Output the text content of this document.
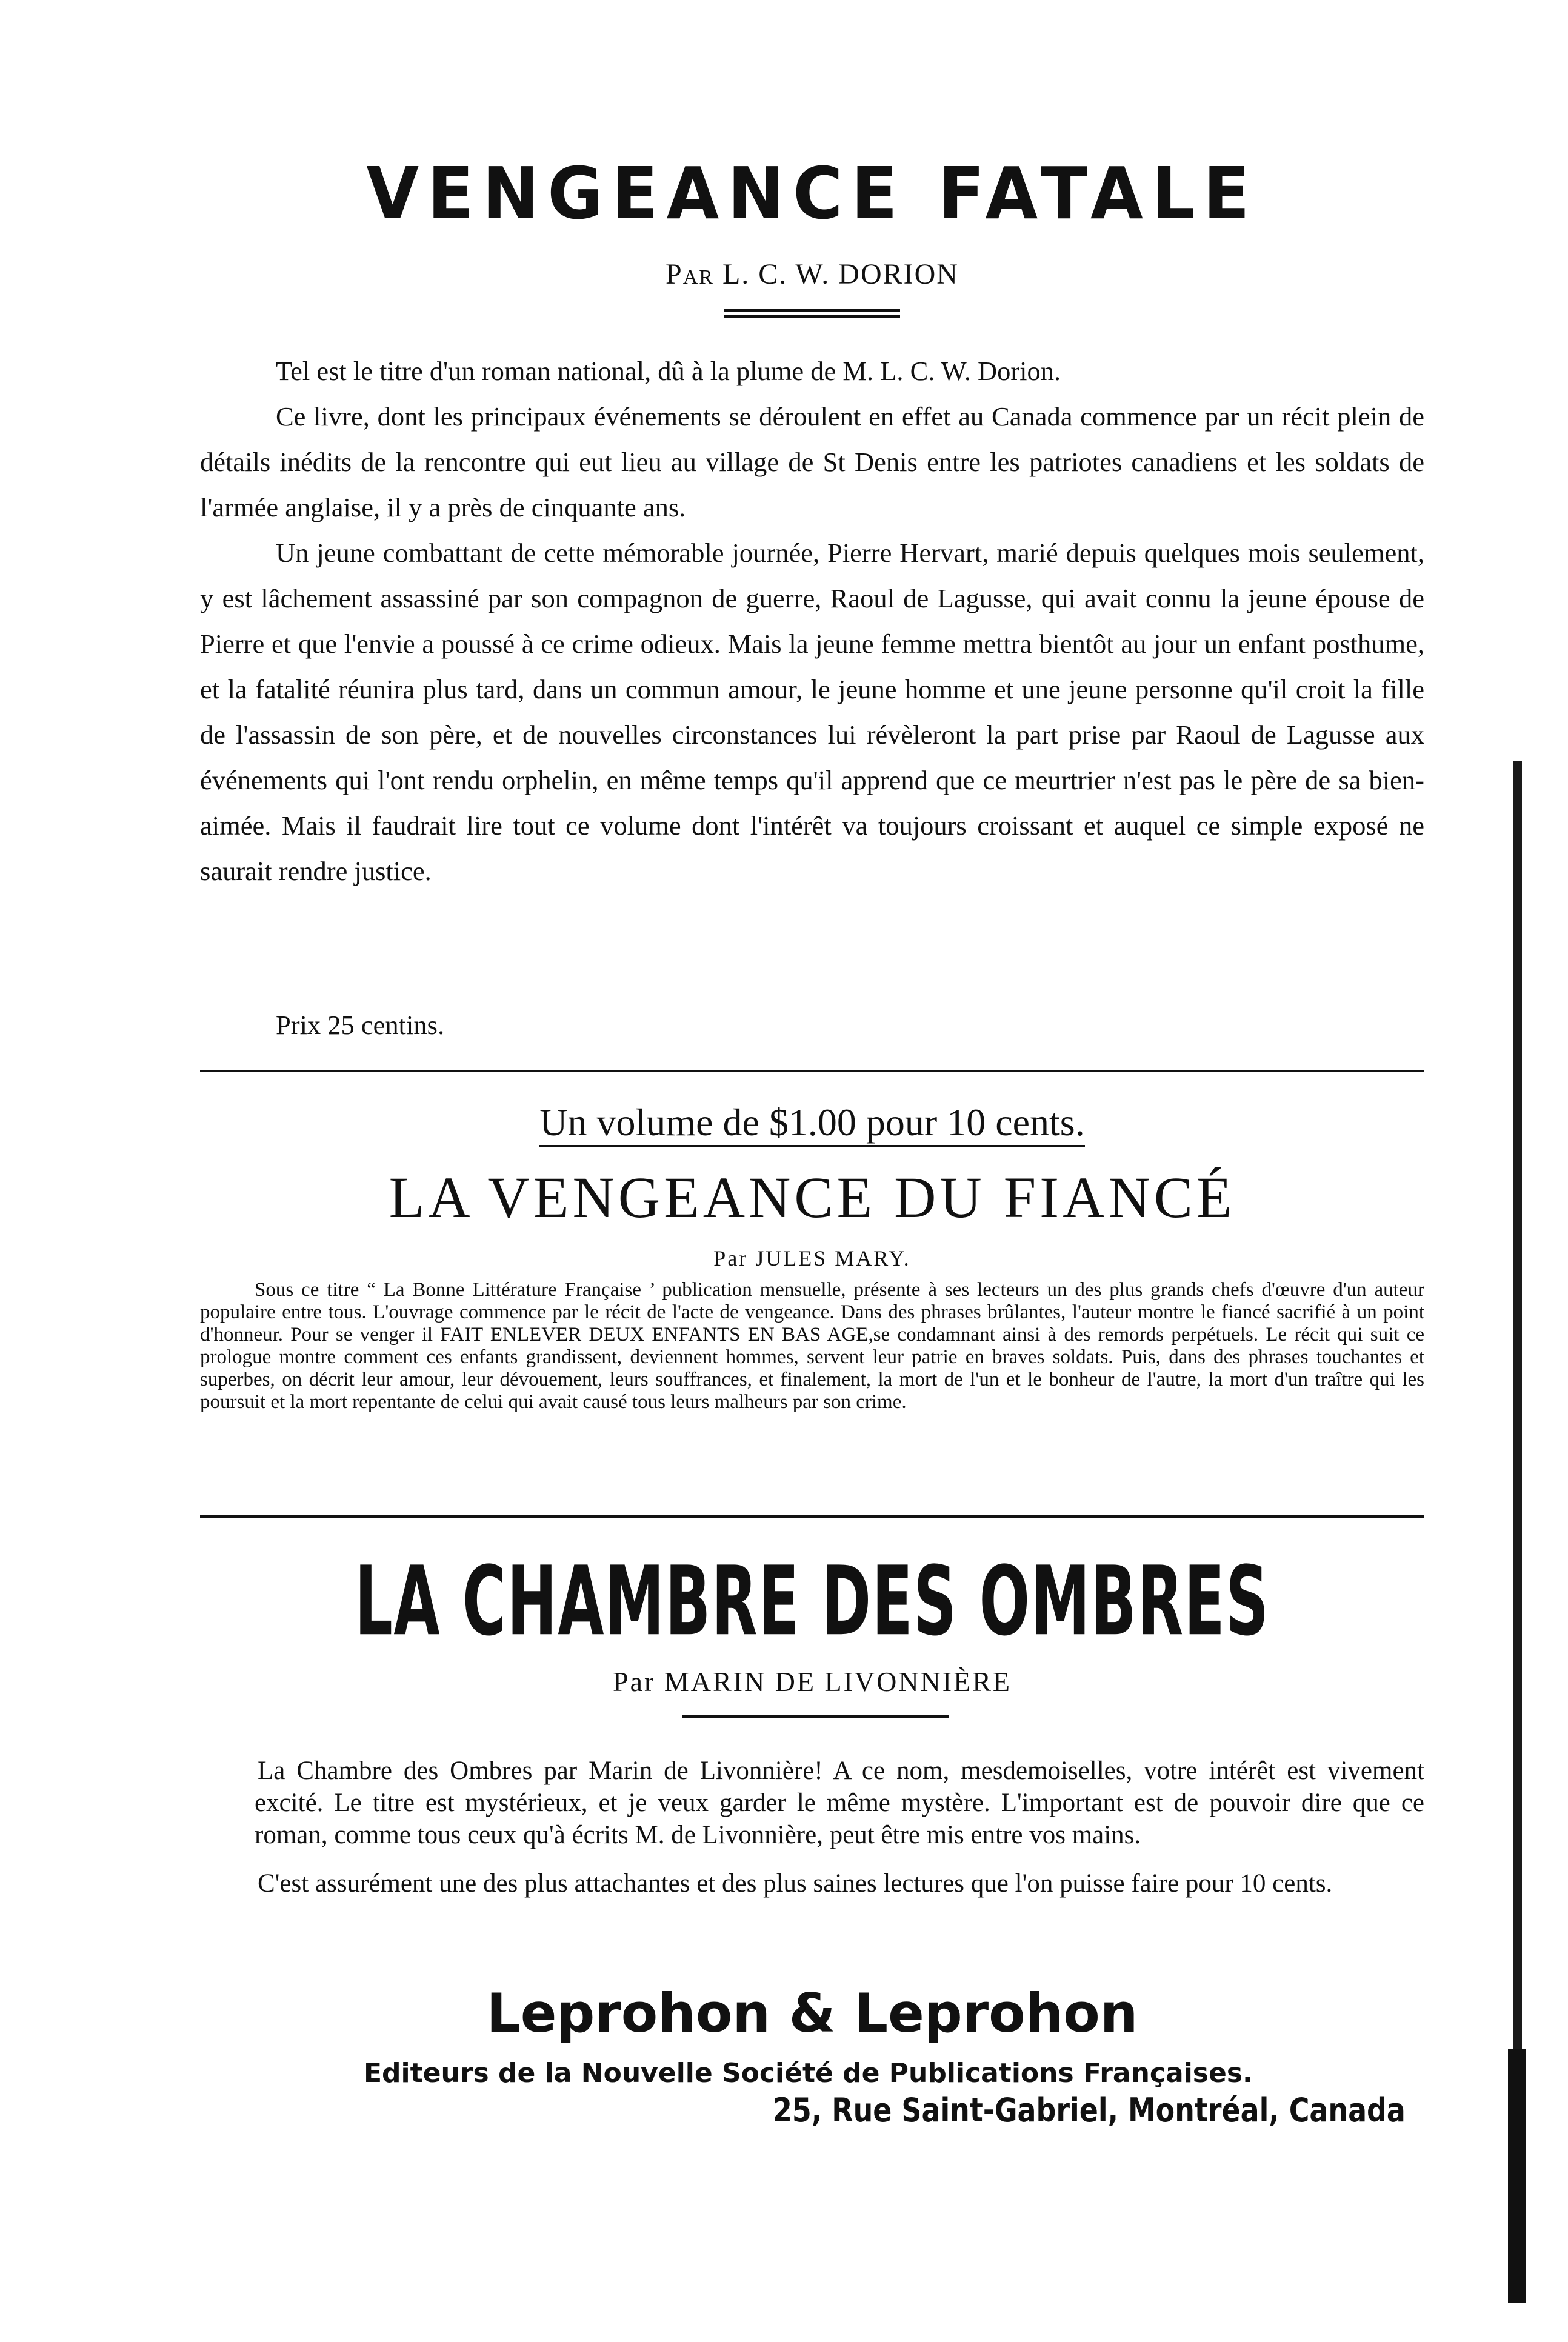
VENGEANCE FATALE
Par L. C. W. DORION

Tel est le titre d'un roman national, dû à la plume de M. L. C. W. Dorion.

Ce livre, dont les principaux événements se déroulent en effet au Canada commence par un récit plein de détails inédits de la rencontre qui eut lieu au village de St Denis entre les patriotes canadiens et les soldats de l'armée anglaise, il y a près de cinquante ans.

Un jeune combattant de cette mémorable journée, Pierre Hervart, marié depuis quelques mois seulement, y est lâchement assassiné par son compagnon de guerre, Raoul de Lagusse, qui avait connu la jeune épouse de Pierre et que l'envie a poussé à ce crime odieux. Mais la jeune femme mettra bientôt au jour un enfant posthume, et la fatalité réunira plus tard, dans un commun amour, le jeune homme et une jeune personne qu'il croit la fille de l'assassin de son père, et de nouvelles circonstances lui révèleront la part prise par Raoul de Lagusse aux événements qui l'ont rendu orphelin, en même temps qu'il apprend que ce meurtrier n'est pas le père de sa bien-aimée. Mais il faudrait lire tout ce volume dont l'intérêt va toujours croissant et auquel ce simple exposé ne saurait rendre justice.

Prix 25 centins.
Un volume de $1.00 pour 10 cents.
LA VENGEANCE DU FIANCÉ
Par JULES MARY.

Sous ce titre “ La Bonne Littérature Française ’ publication mensuelle, présente à ses lecteurs un des plus grands chefs d'œuvre d'un auteur populaire entre tous. L'ouvrage commence par le récit de l'acte de vengeance. Dans des phrases brûlantes, l'auteur montre le fiancé sacrifié à un point d'honneur. Pour se venger il FAIT ENLEVER DEUX ENFANTS EN BAS AGE,se condamnant ainsi à des remords perpétuels. Le récit qui suit ce prologue montre comment ces enfants grandissent, deviennent hommes, servent leur patrie en braves soldats. Puis, dans des phrases touchantes et superbes, on décrit leur amour, leur dévouement, leurs souffrances, et finalement, la mort de l'un et le bonheur de l'autre, la mort d'un traître qui les poursuit et la mort repentante de celui qui avait causé tous leurs malheurs par son crime.

LA CHAMBRE DES OMBRES
Par MARIN DE LIVONNIÈRE

La Chambre des Ombres par Marin de Livonnière! A ce nom, mesdemoiselles, votre intérêt est vivement excité. Le titre est mystérieux, et je veux garder le même mystère. L'important est de pouvoir dire que ce roman, comme tous ceux qu'à écrits M. de Livonnière, peut être mis entre vos mains.

C'est assurément une des plus attachantes et des plus saines lectures que l'on puisse faire pour 10 cents.

Leprohon & Leprohon
Editeurs de la Nouvelle Société de Publications Françaises.
25, Rue Saint-Gabriel, Montréal, Canada
